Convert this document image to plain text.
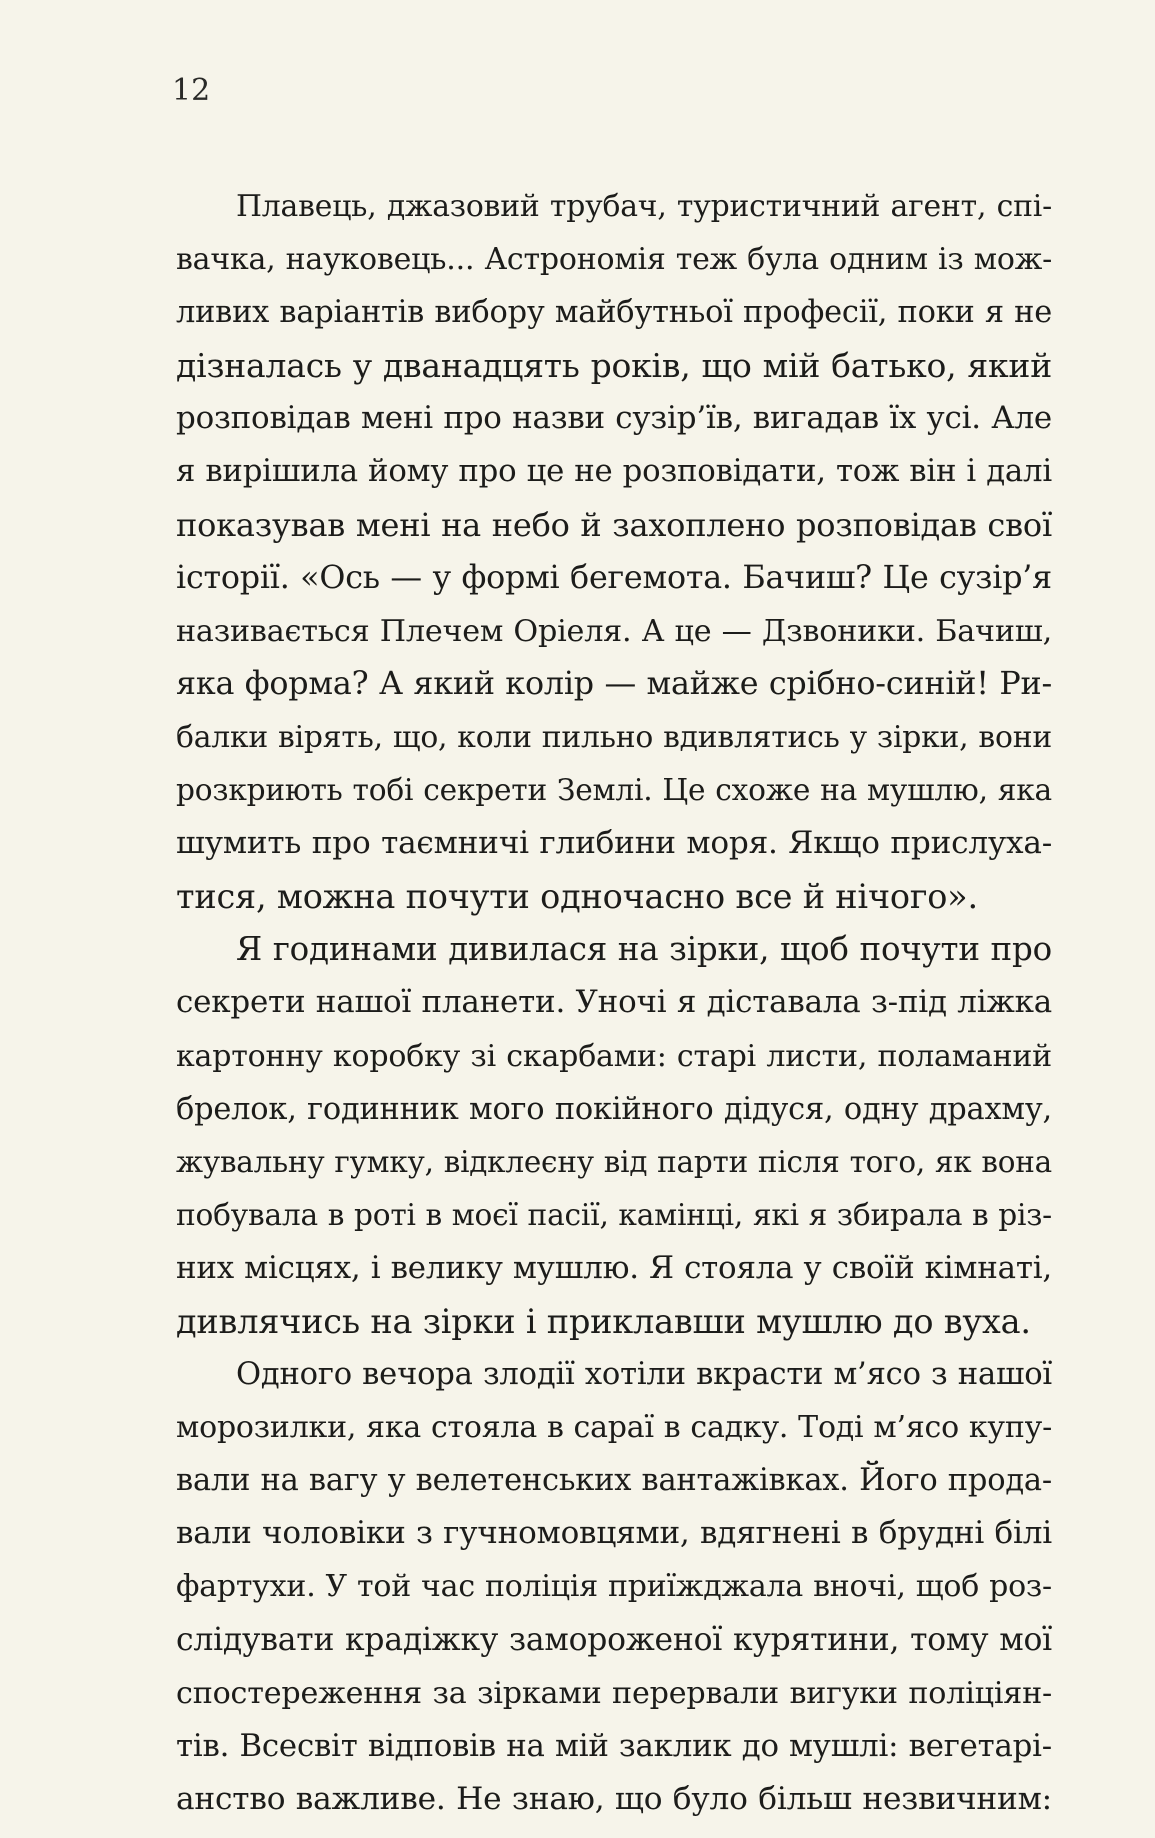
12
Плавець, джазовий трубач, туристичний агент, спі-
вачка, науковець... Астрономія теж була одним із мож-
ливих варіантів вибору майбутньої професії, поки я не
дізналась у дванадцять років, що мій батько, який
розповідав мені про назви сузір’їв, вигадав їх усі. Але
я вирішила йому про це не розповідати, тож він і далі
показував мені на небо й захоплено розповідав свої
історії. «Ось — у формі бегемота. Бачиш? Це сузір’я
називається Плечем Оріеля. А це — Дзвоники. Бачиш,
яка форма? А який колір — майже срібно-синій! Ри-
балки вірять, що, коли пильно вдивлятись у зірки, вони
розкриють тобі секрети Землі. Це схоже на мушлю, яка
шумить про таємничі глибини моря. Якщо прислуха-
тися, можна почути одночасно все й нічого».
Я годинами дивилася на зірки, щоб почути про
секрети нашої планети. Уночі я діставала з-під ліжка
картонну коробку зі скарбами: старі листи, поламаний
брелок, годинник мого покійного дідуся, одну драхму,
жувальну гумку, відклеєну від парти після того, як вона
побувала в роті в моєї пасії, камінці, які я збирала в різ-
них місцях, і велику мушлю. Я стояла у своїй кімнаті,
дивлячись на зірки і приклавши мушлю до вуха.
Одного вечора злодії хотіли вкрасти м’ясо з нашої
морозилки, яка стояла в сараї в садку. Тоді м’ясо купу-
вали на вагу у велетенських вантажівках. Його прода-
вали чоловіки з гучномовцями, вдягнені в брудні білі
фартухи. У той час поліція приїжджала вночі, щоб роз-
слідувати крадіжку замороженої курятини, тому мої
спостереження за зірками перервали вигуки поліціян-
тів. Всесвіт відповів на мій заклик до мушлі: вегетарі-
анство важливе. Не знаю, що було більш незвичним:
